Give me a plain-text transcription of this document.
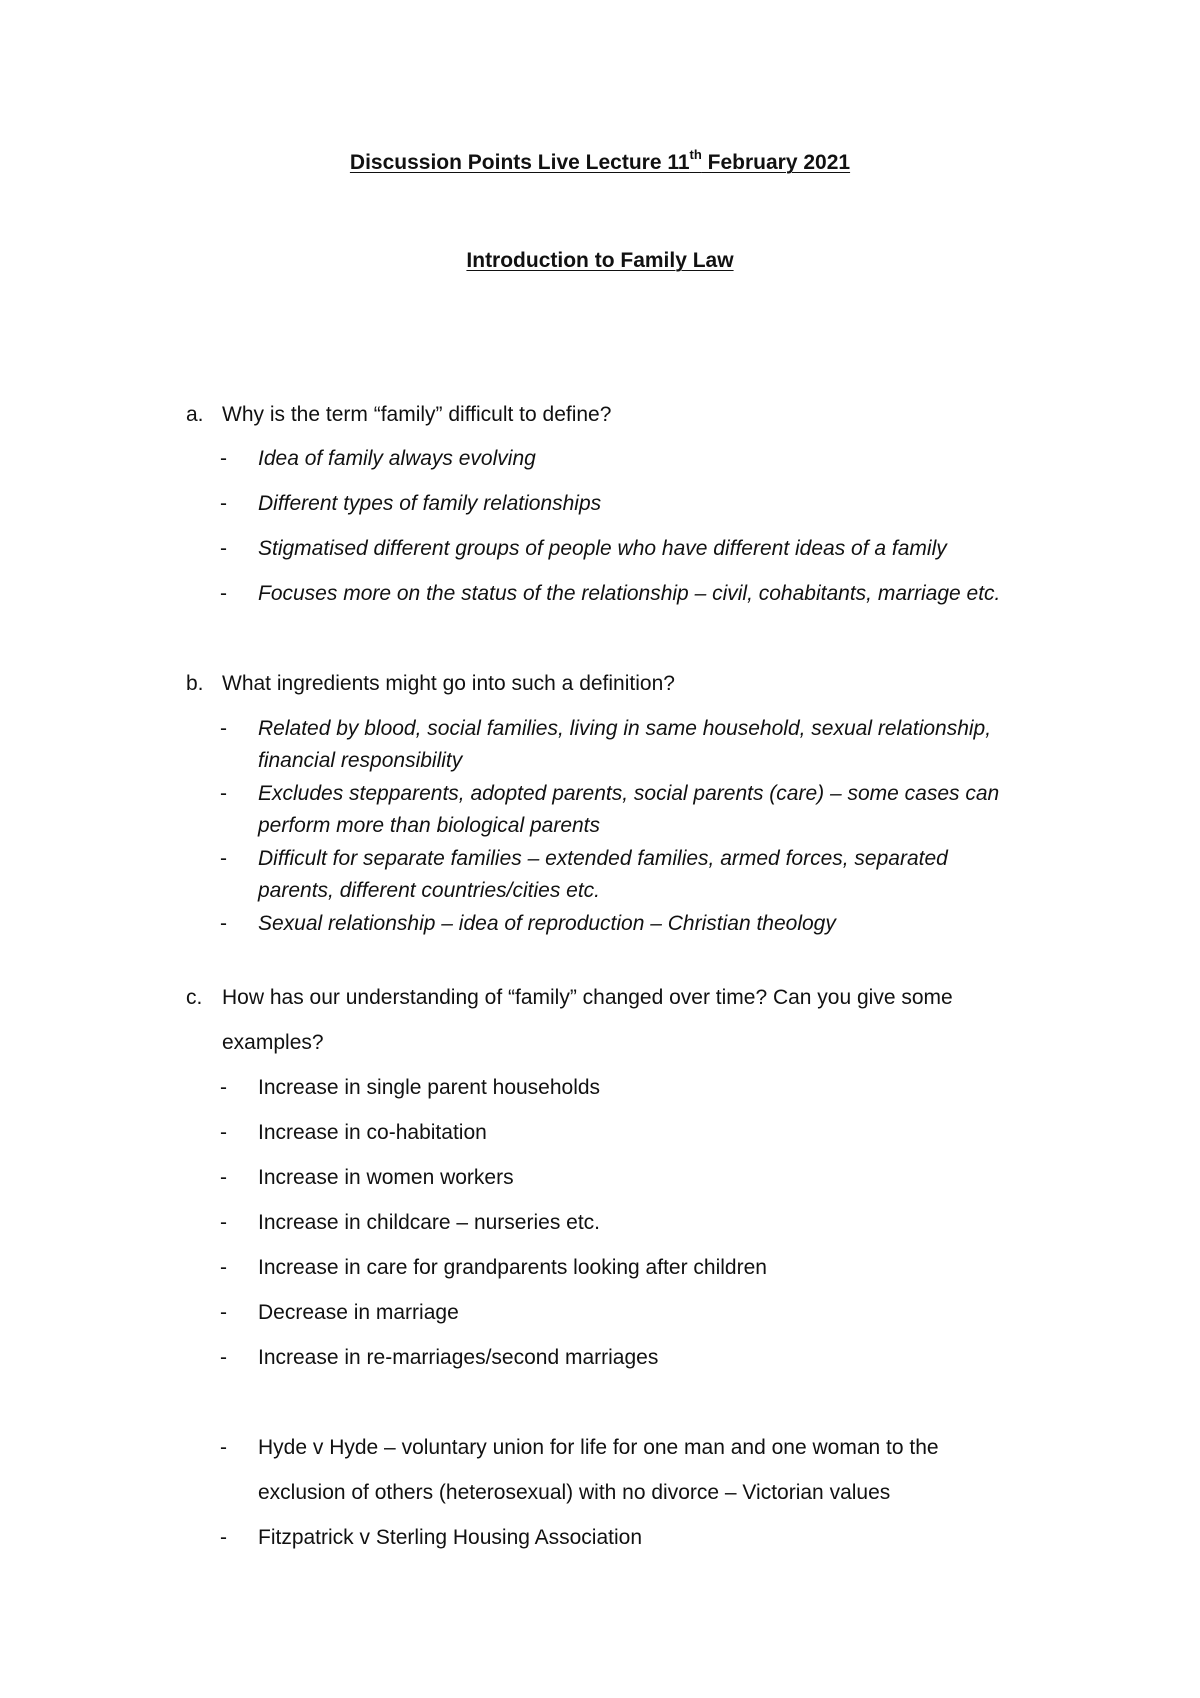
Discussion Points Live Lecture 11th February 2021
Introduction to Family Law
a. Why is the term “family” difficult to define?
- Idea of family always evolving
- Different types of family relationships
- Stigmatised different groups of people who have different ideas of a family
- Focuses more on the status of the relationship – civil, cohabitants, marriage etc.
b. What ingredients might go into such a definition?
- Related by blood, social families, living in same household, sexual relationship,
financial responsibility
- Excludes stepparents, adopted parents, social parents (care) – some cases can
perform more than biological parents
- Difficult for separate families – extended families, armed forces, separated
parents, different countries/cities etc.
- Sexual relationship – idea of reproduction – Christian theology
c. How has our understanding of “family” changed over time? Can you give some
examples?
- Increase in single parent households
- Increase in co-habitation
- Increase in women workers
- Increase in childcare – nurseries etc.
- Increase in care for grandparents looking after children
- Decrease in marriage
- Increase in re-marriages/second marriages
- Hyde v Hyde – voluntary union for life for one man and one woman to the
exclusion of others (heterosexual) with no divorce – Victorian values
- Fitzpatrick v Sterling Housing Association
